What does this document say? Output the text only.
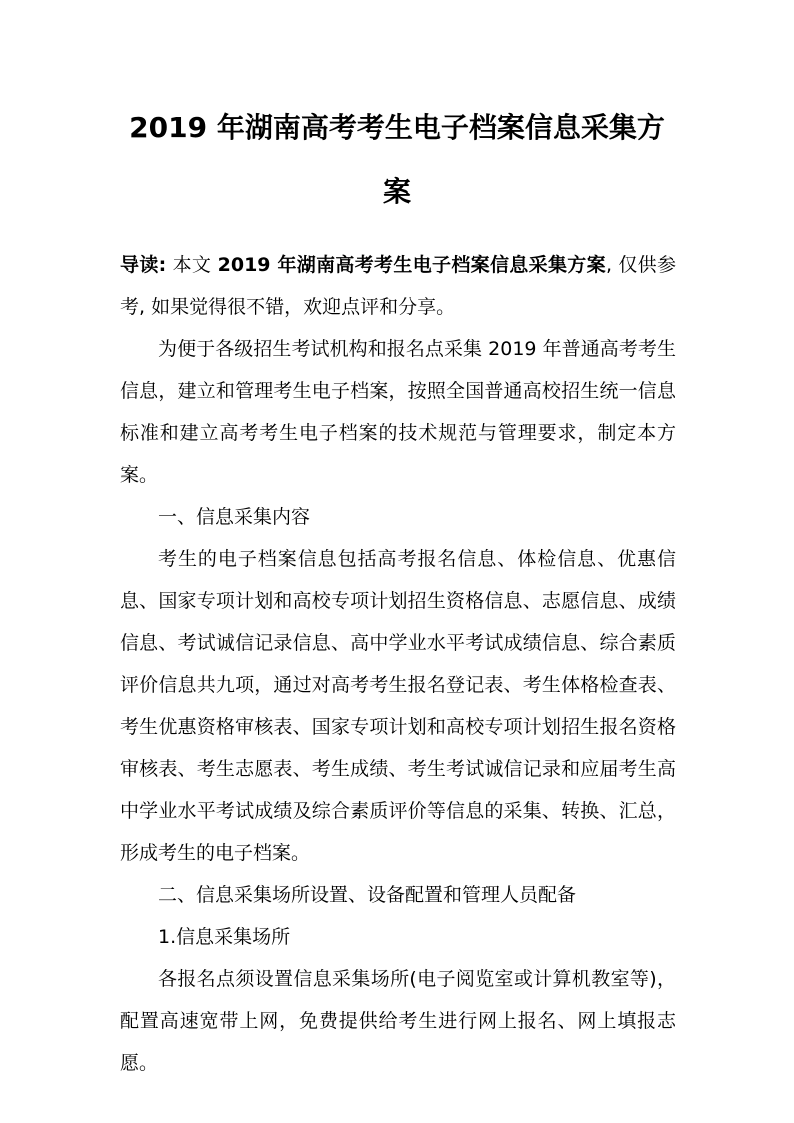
2019 年湖南高考考生电子档案信息采集方
案

导读: 本文 2019 年湖南高考考生电子档案信息采集方案, 仅供参考, 如果觉得很不错，欢迎点评和分享。

为便于各级招生考试机构和报名点采集 2019 年普通高考考生信息，建立和管理考生电子档案，按照全国普通高校招生统一信息标准和建立高考考生电子档案的技术规范与管理要求，制定本方案。

一、信息采集内容

考生的电子档案信息包括高考报名信息、体检信息、优惠信息、国家专项计划和高校专项计划招生资格信息、志愿信息、成绩信息、考试诚信记录信息、高中学业水平考试成绩信息、综合素质评价信息共九项，通过对高考考生报名登记表、考生体格检查表、考生优惠资格审核表、国家专项计划和高校专项计划招生报名资格审核表、考生志愿表、考生成绩、考生考试诚信记录和应届考生高中学业水平考试成绩及综合素质评价等信息的采集、转换、汇总，形成考生的电子档案。

二、信息采集场所设置、设备配置和管理人员配备

1.信息采集场所

各报名点须设置信息采集场所(电子阅览室或计算机教室等)，配置高速宽带上网，免费提供给考生进行网上报名、网上填报志愿。
